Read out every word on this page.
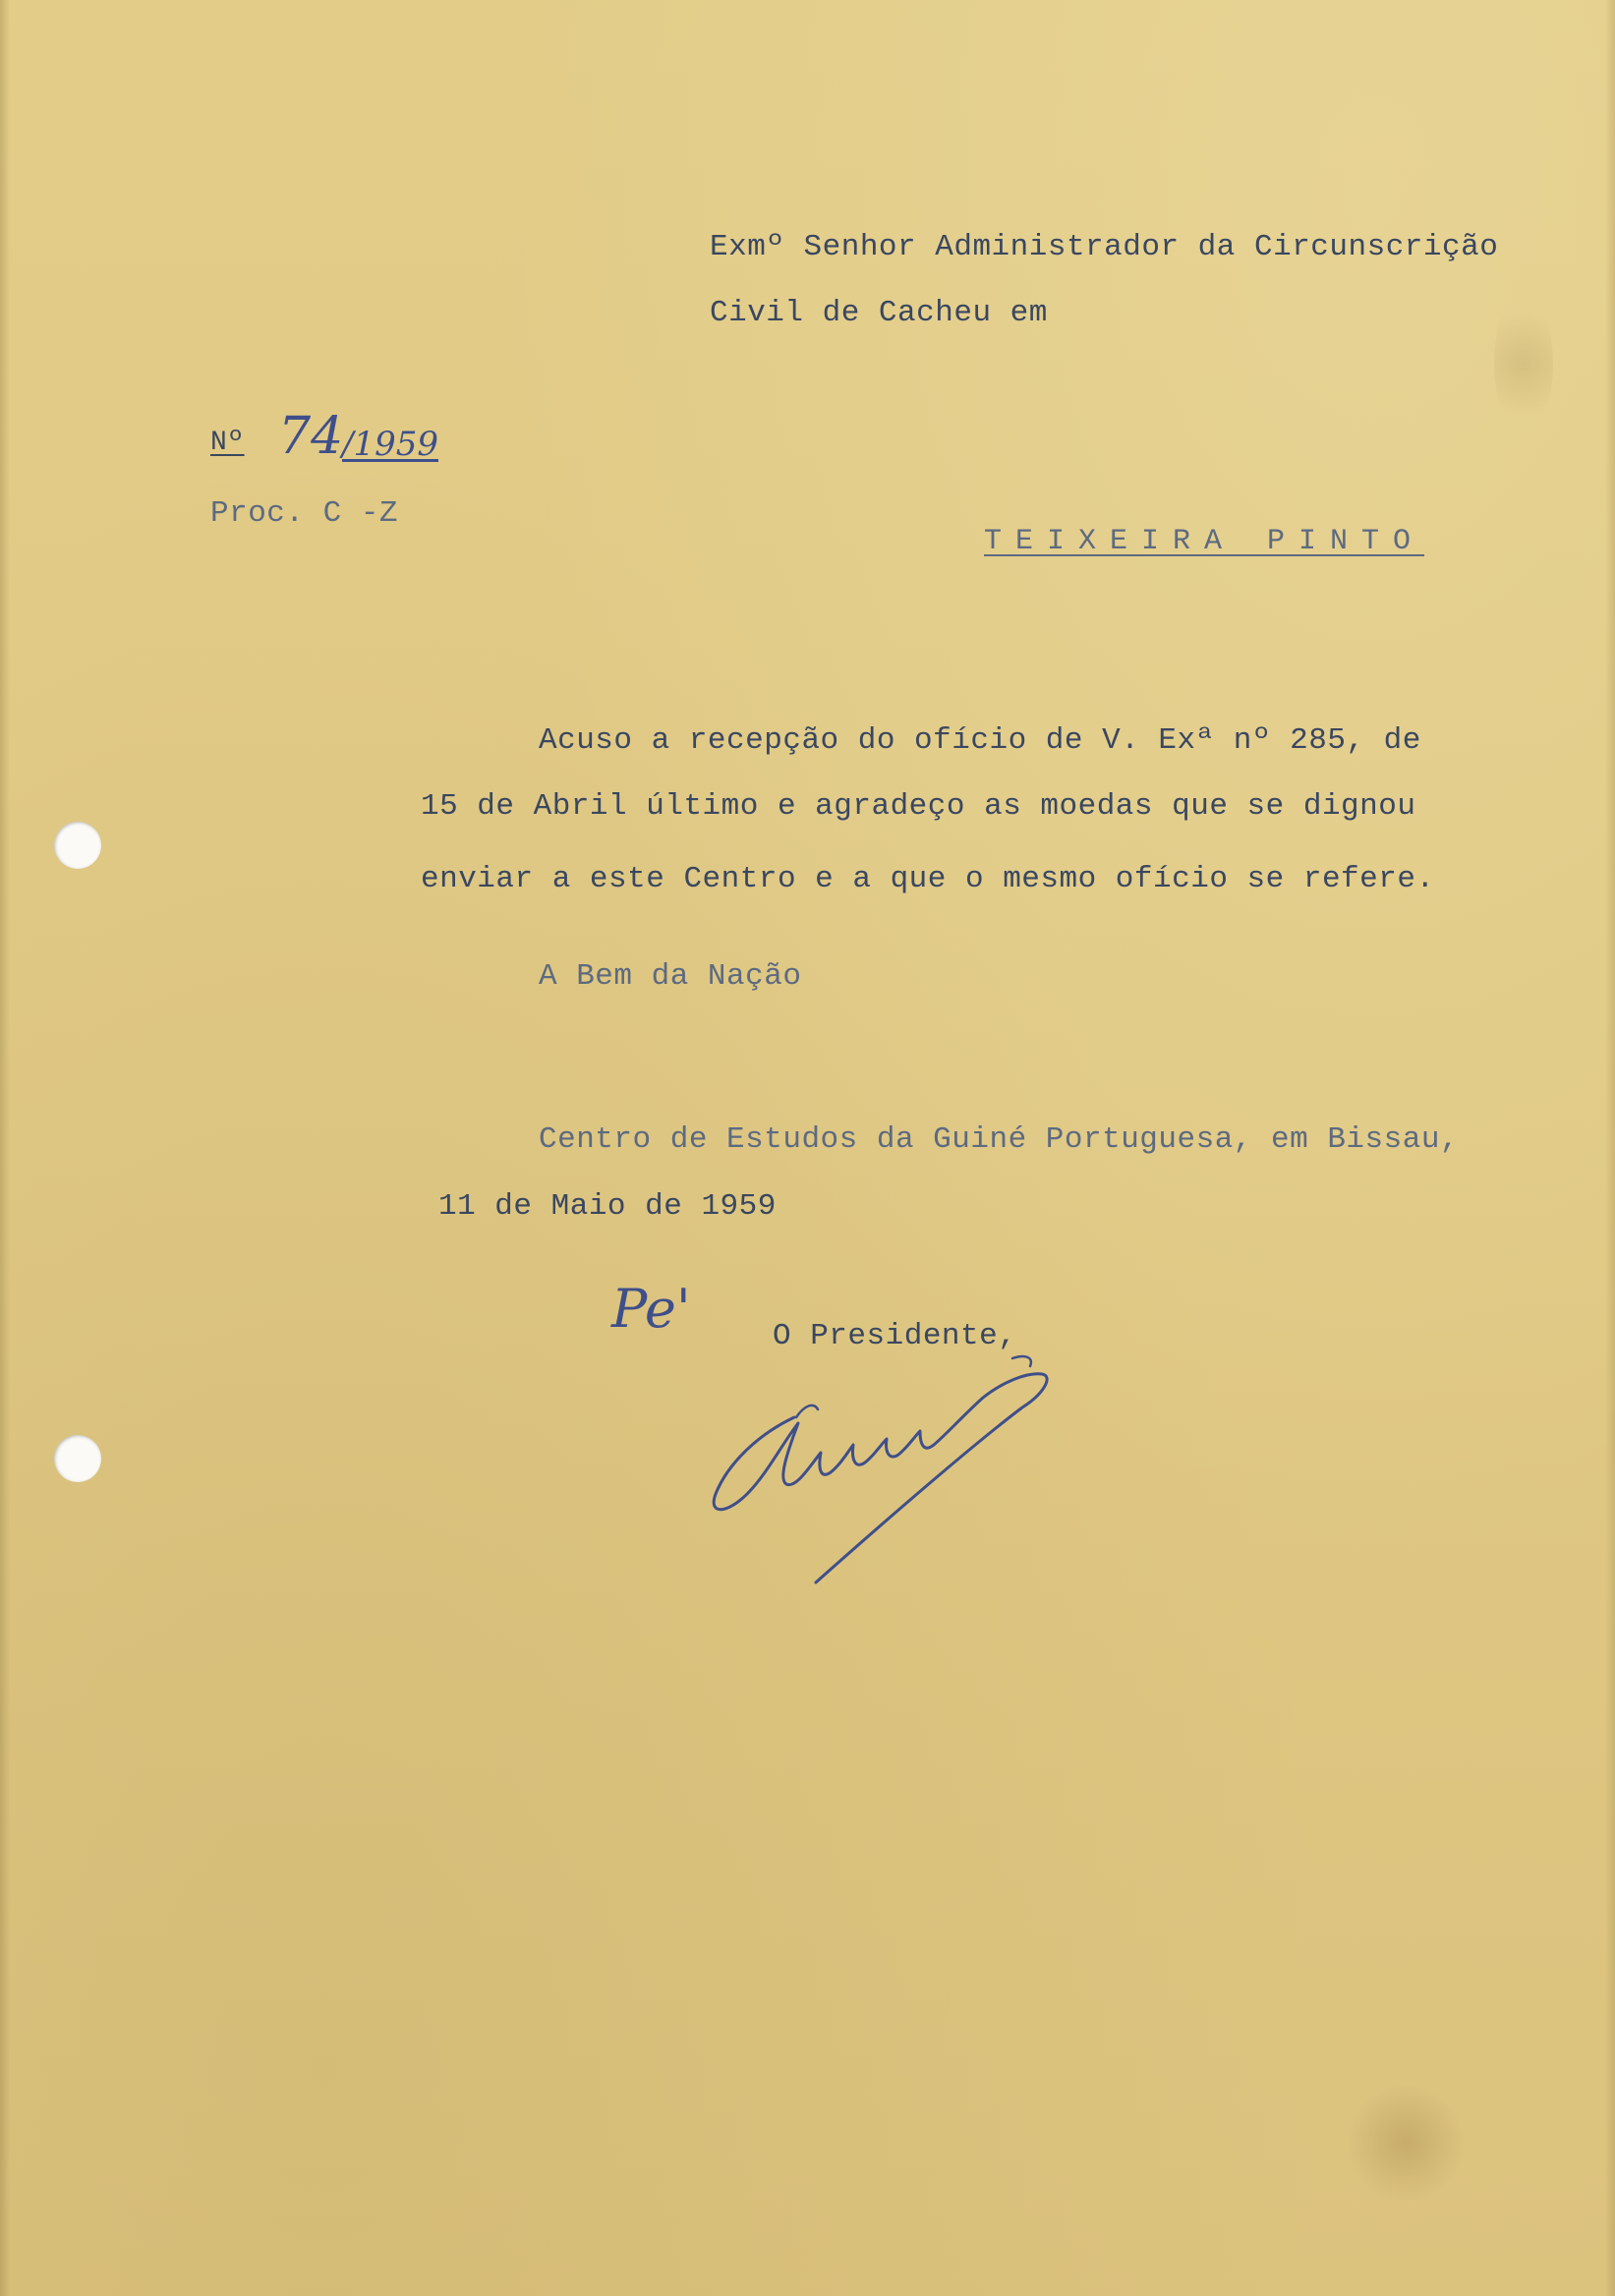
Exmº Senhor Administrador da Circunscrição
Civil de Cacheu em
Nº 74
/1959
Proc. C -Z
TEIXEIRA PINTO
Acuso a recepção do ofício de V. Exª nº 285, de
15 de Abril último e agradeço as moedas que se dignou
enviar a este Centro e a que o mesmo ofício se refere.
A Bem da Nação
Centro de Estudos da Guiné Portuguesa, em Bissau,
11 de Maio de 1959
Pe'	O Presidente,
